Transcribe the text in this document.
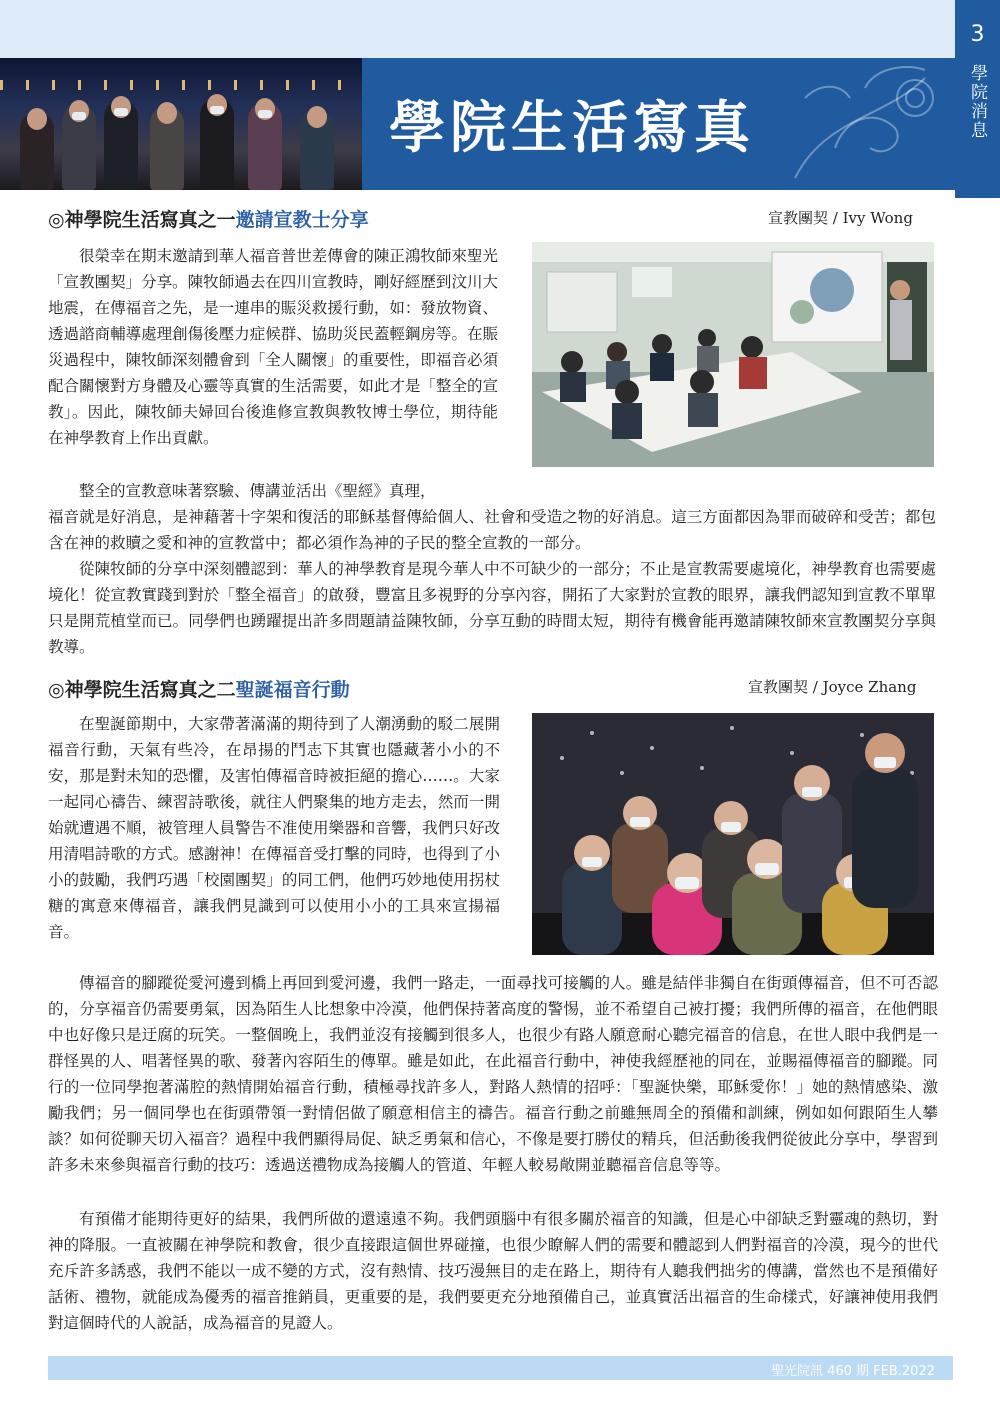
學院生活寫真
3
學院消息
◎神學院生活寫真之一邀請宣教士分享	宣教團契 / Ivy Wong

很榮幸在期末邀請到華人福音普世差傳會的陳正鴻牧師來聖光「宣教團契」分享。陳牧師過去在四川宣教時，剛好經歷到汶川大地震，在傳福音之先，是一連串的賑災救援行動，如：發放物資、透過諮商輔導處理創傷後壓力症候群、協助災民蓋輕鋼房等。在賑災過程中，陳牧師深刻體會到「全人關懷」的重要性，即福音必須配合關懷對方身體及心靈等真實的生活需要，如此才是「整全的宣教」。因此，陳牧師夫婦回台後進修宣教與教牧博士學位，期待能在神學教育上作出貢獻。

整全的宣教意味著察驗、傳講並活出《聖經》真理，

福音就是好消息，是神藉著十字架和復活的耶穌基督傳給個人、社會和受造之物的好消息。這三方面都因為罪而破碎和受苦；都包含在神的救贖之愛和神的宣教當中；都必須作為神的子民的整全宣教的一部分。

從陳牧師的分享中深刻體認到：華人的神學教育是現今華人中不可缺少的一部分；不止是宣教需要處境化，神學教育也需要處境化！從宣教實踐到對於「整全福音」的啟發，豐富且多視野的分享內容，開拓了大家對於宣教的眼界，讓我們認知到宣教不單單只是開荒植堂而已。同學們也踴躍提出許多問題請益陳牧師，分享互動的時間太短，期待有機會能再邀請陳牧師來宣教團契分享與教導。

◎神學院生活寫真之二聖誕福音行動	宣教團契 / Joyce Zhang

在聖誕節期中，大家帶著滿滿的期待到了人潮湧動的駁二展開福音行動，天氣有些冷，在昂揚的鬥志下其實也隱藏著小小的不安，那是對未知的恐懼，及害怕傳福音時被拒絕的擔心……。大家一起同心禱告、練習詩歌後，就往人們聚集的地方走去，然而一開始就遭遇不順，被管理人員警告不准使用樂器和音響，我們只好改用清唱詩歌的方式。感謝神！在傳福音受打擊的同時，也得到了小小的鼓勵，我們巧遇「校園團契」的同工們，他們巧妙地使用拐杖糖的寓意來傳福音，讓我們見識到可以使用小小的工具來宣揚福音。

傳福音的腳蹤從愛河邊到橋上再回到愛河邊，我們一路走，一面尋找可接觸的人。雖是結伴非獨自在街頭傳福音，但不可否認的，分享福音仍需要勇氣，因為陌生人比想象中冷漠，他們保持著高度的警惕，並不希望自己被打擾；我們所傳的福音，在他們眼中也好像只是迂腐的玩笑。一整個晚上，我們並沒有接觸到很多人，也很少有路人願意耐心聽完福音的信息，在世人眼中我們是一群怪異的人、唱著怪異的歌、發著內容陌生的傳單。雖是如此，在此福音行動中，神使我經歷祂的同在，並賜福傳福音的腳蹤。同行的一位同學抱著滿腔的熱情開始福音行動，積極尋找許多人，對路人熱情的招呼：「聖誕快樂，耶穌愛你！」她的熱情感染、激勵我們；另一個同學也在街頭帶領一對情侶做了願意相信主的禱告。福音行動之前雖無周全的預備和訓練，例如如何跟陌生人攀談？如何從聊天切入福音？過程中我們顯得局促、缺乏勇氣和信心，不像是要打勝仗的精兵，但活動後我們從彼此分享中，學習到許多未來參與福音行動的技巧：透過送禮物成為接觸人的管道、年輕人較易敞開並聽福音信息等等。

有預備才能期待更好的結果，我們所做的還遠遠不夠。我們頭腦中有很多關於福音的知識，但是心中卻缺乏對靈魂的熱切，對神的降服。一直被關在神學院和教會，很少直接跟這個世界碰撞，也很少瞭解人們的需要和體認到人們對福音的冷漠，現今的世代充斥許多誘惑，我們不能以一成不變的方式，沒有熱情、技巧漫無目的走在路上，期待有人聽我們拙劣的傳講，當然也不是預備好話術、禮物，就能成為優秀的福音推銷員，更重要的是，我們要更充分地預備自己，並真實活出福音的生命樣式，好讓神使用我們對這個時代的人說話，成為福音的見證人。

聖光院訊 460 期 FEB.2022
